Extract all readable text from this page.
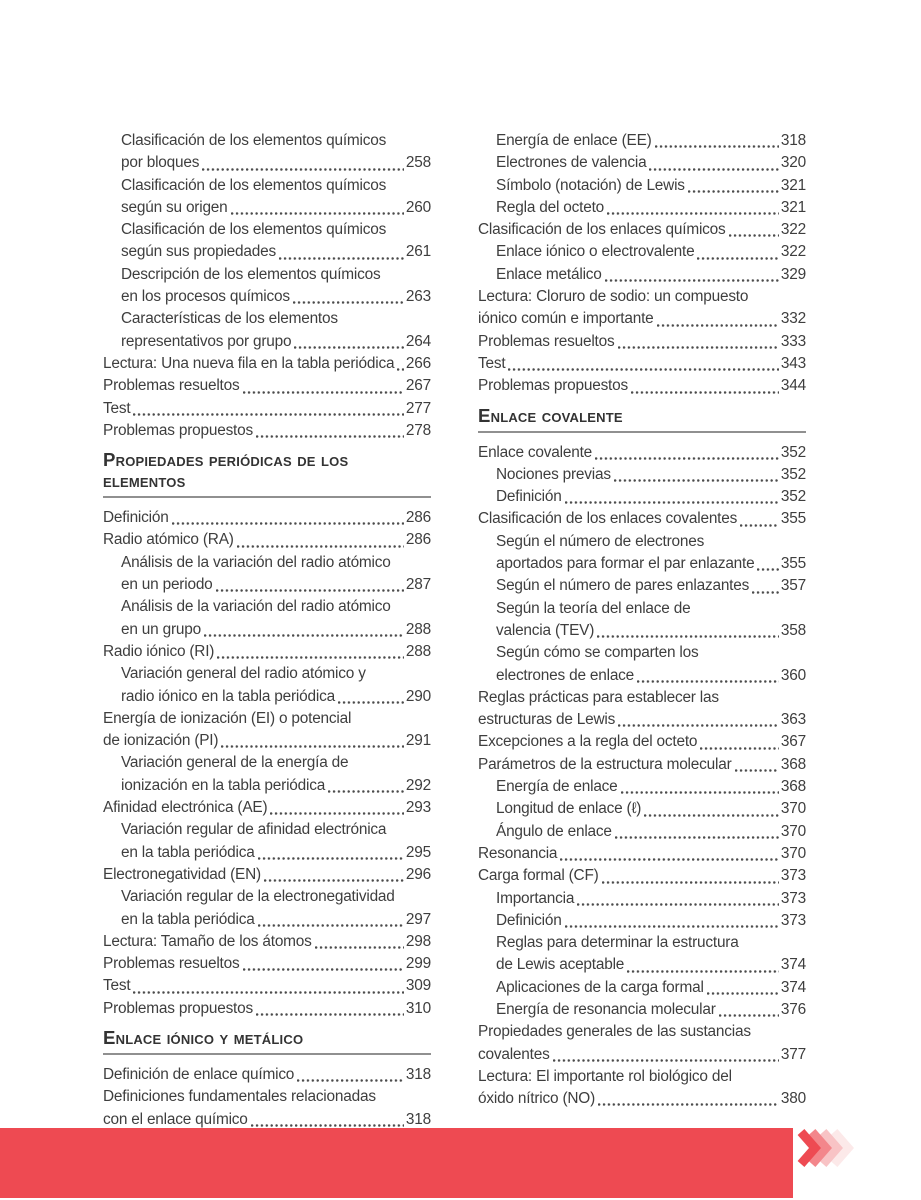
Clasificación de los elementos químicos
por bloques	258
Clasificación de los elementos químicos
según su origen	260
Clasificación de los elementos químicos
según sus propiedades	261
Descripción de los elementos químicos
en los procesos químicos	263
Características de los elementos
representativos por grupo	264
Lectura: Una nueva fila en la tabla periódica 266
Problemas resueltos	267
Test	277
Problemas propuestos	278
Propiedades periódicas de los elementos
Definición	286
Radio atómico (RA)	286
Análisis de la variación del radio atómico
en un periodo	287
Análisis de la variación del radio atómico
en un grupo	288
Radio iónico (RI)	288
Variación general del radio atómico y
radio iónico en la tabla periódica	290
Energía de ionización (EI) o potencial
de ionización (PI)	291
Variación general de la energía de
ionización en la tabla periódica	292
Afinidad electrónica (AE)	293
Variación regular de afinidad electrónica
en la tabla periódica	295
Electronegatividad (EN)	296
Variación regular de la electronegatividad
en la tabla periódica	297
Lectura: Tamaño de los átomos	298
Problemas resueltos	299
Test	309
Problemas propuestos	310
Enlace iónico y metálico
Definición de enlace químico	318
Definiciones fundamentales relacionadas
con el enlace químico	318
Energía de enlace (EE)	318
Electrones de valencia	320
Símbolo (notación) de Lewis	321
Regla del octeto	321
Clasificación de los enlaces químicos	322
Enlace iónico o electrovalente	322
Enlace metálico	329
Lectura: Cloruro de sodio: un compuesto
iónico común e importante	332
Problemas resueltos	333
Test	343
Problemas propuestos	344
Enlace covalente
Enlace covalente	352
Nociones previas	352
Definición	352
Clasificación de los enlaces covalentes	355
Según el número de electrones
aportados para formar el par enlazante 355
Según el número de pares enlazantes 357
Según la teoría del enlace de
valencia (TEV)	358
Según cómo se comparten los
electrones de enlace	360
Reglas prácticas para establecer las
estructuras de Lewis	363
Excepciones a la regla del octeto	367
Parámetros de la estructura molecular	368
Energía de enlace	368
Longitud de enlace (ℓ)	370
Ángulo de enlace	370
Resonancia	370
Carga formal (CF)	373
Importancia	373
Definición	373
Reglas para determinar la estructura
de Lewis aceptable	374
Aplicaciones de la carga formal	374
Energía de resonancia molecular	376
Propiedades generales de las sustancias
covalentes	377
Lectura: El importante rol biológico del
óxido nítrico (NO)	380
